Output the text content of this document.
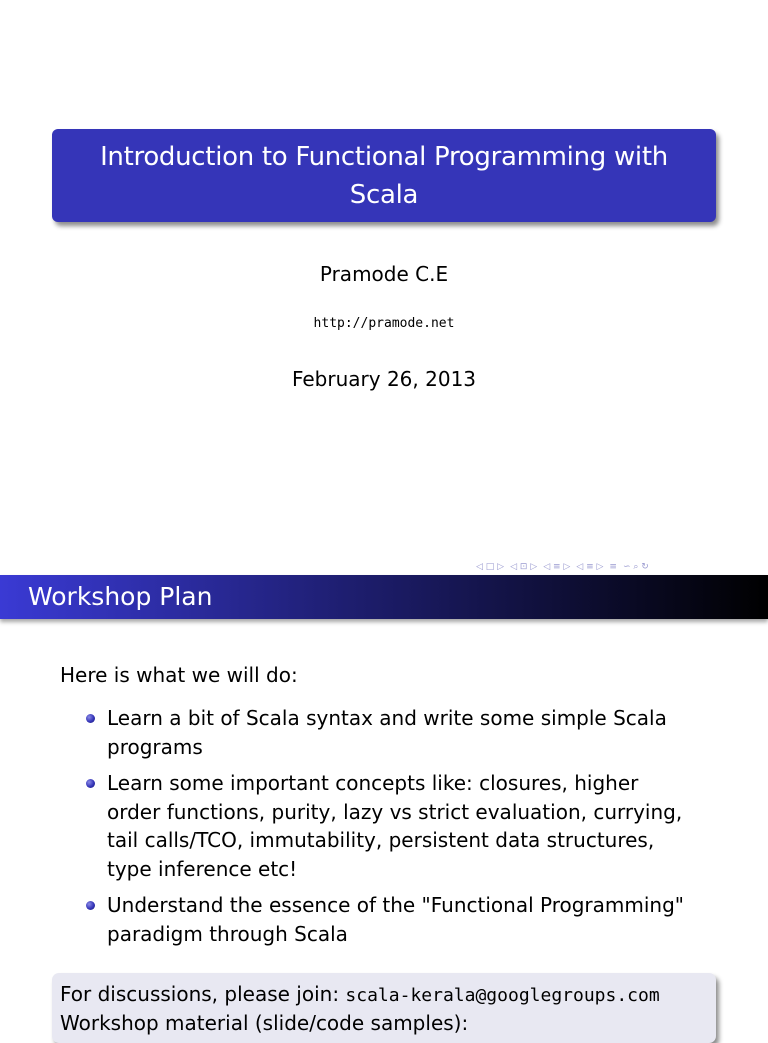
Introduction to Functional Programming with
Scala
Pramode C.E
http://pramode.net
February 26, 2013
◁ □ ▷ ◁ ⊡ ▷ ◁ ≡ ▷ ◁ ≡ ▷ ≡ ∽ ⌕ ↻
Workshop Plan
Here is what we will do:
Learn a bit of Scala syntax and write some simple Scala programs
Learn some important concepts like: closures, higher order functions, purity, lazy vs strict evaluation, currying, tail calls/TCO, immutability, persistent data structures, type inference etc!
Understand the essence of the "Functional Programming" paradigm through Scala
For discussions, please join: scala-kerala@googlegroups.com
Workshop material (slide/code samples):
